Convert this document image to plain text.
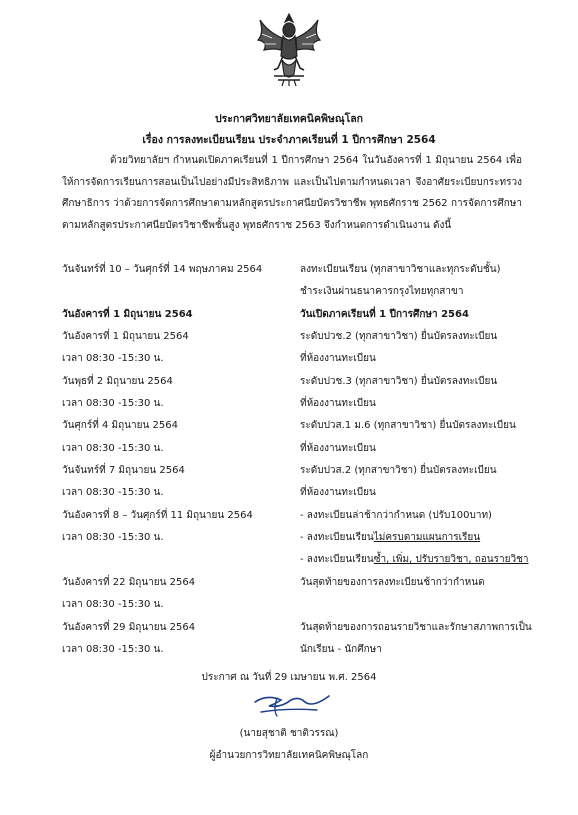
ประกาศวิทยาลัยเทคนิคพิษณุโลก
เรื่อง การลงทะเบียนเรียน ประจำภาคเรียนที่ 1 ปีการศึกษา 2564
ด้วยวิทยาลัยฯ กำหนดเปิดภาคเรียนที่ 1 ปีการศึกษา 2564 ในวันอังคารที่ 1 มิถุนายน 2564 เพื่อให้การจัดการเรียนการสอนเป็นไปอย่างมีประสิทธิภาพ และเป็นไปตามกำหนดเวลา จึงอาศัยระเบียบกระทรวงศึกษาธิการ ว่าด้วยการจัดการศึกษาตามหลักสูตรประกาศนียบัตรวิชาชีพ พุทธศักราช 2562 การจัดการศึกษาตามหลักสูตรประกาศนียบัตรวิชาชีพชั้นสูง พุทธศักราช 2563 จึงกำหนดการดำเนินงาน ดังนี้
วันจันทร์ที่ 10 – วันศุกร์ที่ 14 พฤษภาคม 2564	ลงทะเบียนเรียน (ทุกสาขาวิชาและทุกระดับชั้น)
ชำระเงินผ่านธนาคารกรุงไทยทุกสาขา
วันอังคารที่ 1 มิถุนายน 2564	วันเปิดภาคเรียนที่ 1 ปีการศึกษา 2564
วันอังคารที่ 1 มิถุนายน 2564	ระดับปวช.2 (ทุกสาขาวิชา) ยื่นบัตรลงทะเบียน
เวลา 08:30 -15:30 น.	ที่ห้องงานทะเบียน
วันพุธที่ 2 มิถุนายน 2564	ระดับปวช.3 (ทุกสาขาวิชา) ยื่นบัตรลงทะเบียน
เวลา 08:30 -15:30 น.	ที่ห้องงานทะเบียน
วันศุกร์ที่ 4 มิถุนายน 2564	ระดับปวส.1 ม.6 (ทุกสาขาวิชา) ยื่นบัตรลงทะเบียน
เวลา 08:30 -15:30 น.	ที่ห้องงานทะเบียน
วันจันทร์ที่ 7 มิถุนายน 2564	ระดับปวส.2 (ทุกสาขาวิชา) ยื่นบัตรลงทะเบียน
เวลา 08:30 -15:30 น.	ที่ห้องงานทะเบียน
วันอังคารที่ 8 – วันศุกร์ที่ 11 มิถุนายน 2564	- ลงทะเบียนล่าช้ากว่ากำหนด (ปรับ100บาท)
เวลา 08:30 -15:30 น.	- ลงทะเบียนเรียนไม่ครบตามแผนการเรียน
- ลงทะเบียนเรียนซ้ำ, เพิ่ม, ปรับรายวิชา, ถอนรายวิชา
วันอังคารที่ 22 มิถุนายน 2564	วันสุดท้ายของการลงทะเบียนช้ากว่ากำหนด
เวลา 08:30 -15:30 น.
วันอังคารที่ 29 มิถุนายน 2564	วันสุดท้ายของการถอนรายวิชาและรักษาสภาพการเป็น
เวลา 08:30 -15:30 น.	นักเรียน - นักศึกษา
ประกาศ ณ วันที่ 29 เมษายน พ.ศ. 2564
(นายสุชาติ ชาติวรรณ)
ผู้อำนวยการวิทยาลัยเทคนิคพิษณุโลก
